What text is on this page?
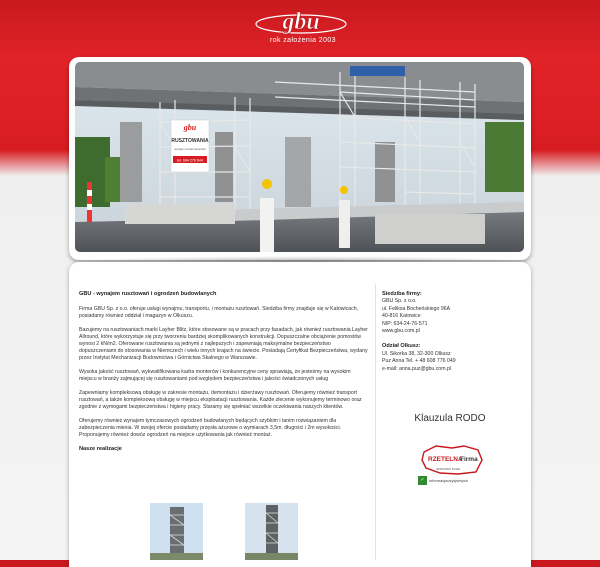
gbu
rok założenia 2003
gbu
RUSZTOWANIA
wynajem montaż demontaż
tel. 694 276 644

GBU - wynajem rusztowań i ogrodzeń budowlanych

Firma GBU Sp. z o.o. oferuje usługi wynajmu, transportu, i montażu rusztowań. Siedziba firmy znajduje się w Katowicach, posiadamy również oddział i magazyn w Olkuszu.

Bazujemy na rusztowaniach marki Layher Blitz, które stosowane są w pracach przy fasadach, jak również rusztowania Layher Allround, które wykorzystuje się przy tworzeniu bardziej skomplikowanych konstrukcji. Dopuszczalne obciążenie pomostów wynosi 2 kN/m2. Oferowane rusztowania są jednymi z najlepszych i zapewniają maksymalne bezpieczeństwo dopuszczeniami do stosowania w Niemczech i wielu innych krajach na świecie. Posiadają Certyfikat Bezpieczeństwa, wydany przez Instytut Mechanizacji Budownictwa i Górnictwa Skalnego w Warszawie.

Wysoka jakość rusztowań, wykwalifikowana kadra monterów i konkurencyjne ceny sprawiają, że jesteśmy na wysokim miejscu w branży zajmującej się rusztowaniami pod względem bezpieczeństwa i jakości świadczonych usług

Zapewniamy kompleksową obsługę w zakresie montażu, demontażu i dzierżawy rusztowań. Oferujemy również transport rusztowań, a także kompleksową obsługę w miejscu eksploatacji rusztowania. Każde zlecenie wykonujemy terminowo oraz zgodnie z wymogami bezpieczeństwa i higieny pracy. Staramy się spełniać wszelkie oczekiwania naszych klientów.

Oferujemy również wynajem tymczasowych ogrodzeń budowlanych będących szybkim i tanim rozwiązaniem dla zabezpieczenia mienia. W swojej ofercie posiadamy przęsła ażurowe o wymiarach 3,5m. długości i 2m wysokości. Proponujemy również dowóz ogrodzeń na miejsce użytkowania jak również montaż.

Nasze realizacje

Siedziba firmy:
GBU Sp. z o.o.
ul. Feliksa Bocheńskiego 96A
40-816 Katowice
NIP: 634-24-76-571
www.gbu.com.pl
Odział Olkusz:
Ul. Sikorka 38, 32-300 Olkusz
Puz Anna Tel. + 48 608 776 049
e-mail: anna.puz@gbu.com.pl
Klauzula RODO
RZETELNA
Firma
SPRAWDŹ DANE
✓	informacjaozytywnych
